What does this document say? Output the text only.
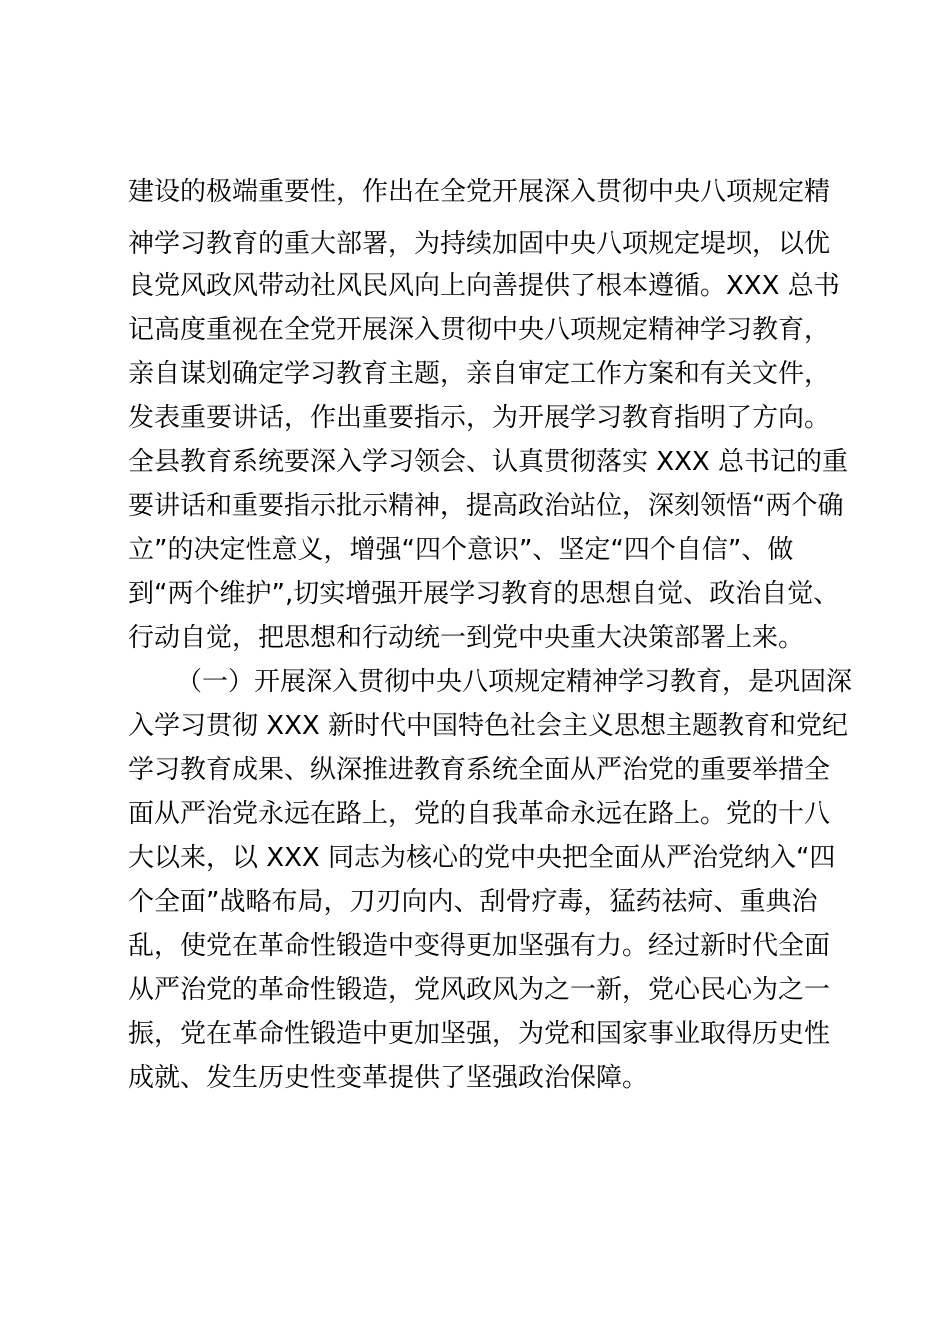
建设的极端重要性，作出在全党开展深入贯彻中央八项规定精
神学习教育的重大部署，为持续加固中央八项规定堤坝，以优
良党风政风带动社风民风向上向善提供了根本遵循。XXX 总书
记高度重视在全党开展深入贯彻中央八项规定精神学习教育，
亲自谋划确定学习教育主题，亲自审定工作方案和有关文件，
发表重要讲话，作出重要指示，为开展学习教育指明了方向。
全县教育系统要深入学习领会、认真贯彻落实 XXX 总书记的重
要讲话和重要指示批示精神，提高政治站位，深刻领悟“两个确
立”的决定性意义，增强“四个意识”、坚定“四个自信”、做
到“两个维护”,切实增强开展学习教育的思想自觉、政治自觉、
行动自觉，把思想和行动统一到党中央重大决策部署上来。
（一）开展深入贯彻中央八项规定精神学习教育，是巩固深
入学习贯彻 XXX 新时代中国特色社会主义思想主题教育和党纪
学习教育成果、纵深推进教育系统全面从严治党的重要举措全
面从严治党永远在路上，党的自我革命永远在路上。党的十八
大以来，以 XXX 同志为核心的党中央把全面从严治党纳入“四
个全面”战略布局，刀刃向内、刮骨疗毒，猛药祛疴、重典治
乱，使党在革命性锻造中变得更加坚强有力。经过新时代全面
从严治党的革命性锻造，党风政风为之一新，党心民心为之一
振，党在革命性锻造中更加坚强，为党和国家事业取得历史性
成就、发生历史性变革提供了坚强政治保障。
